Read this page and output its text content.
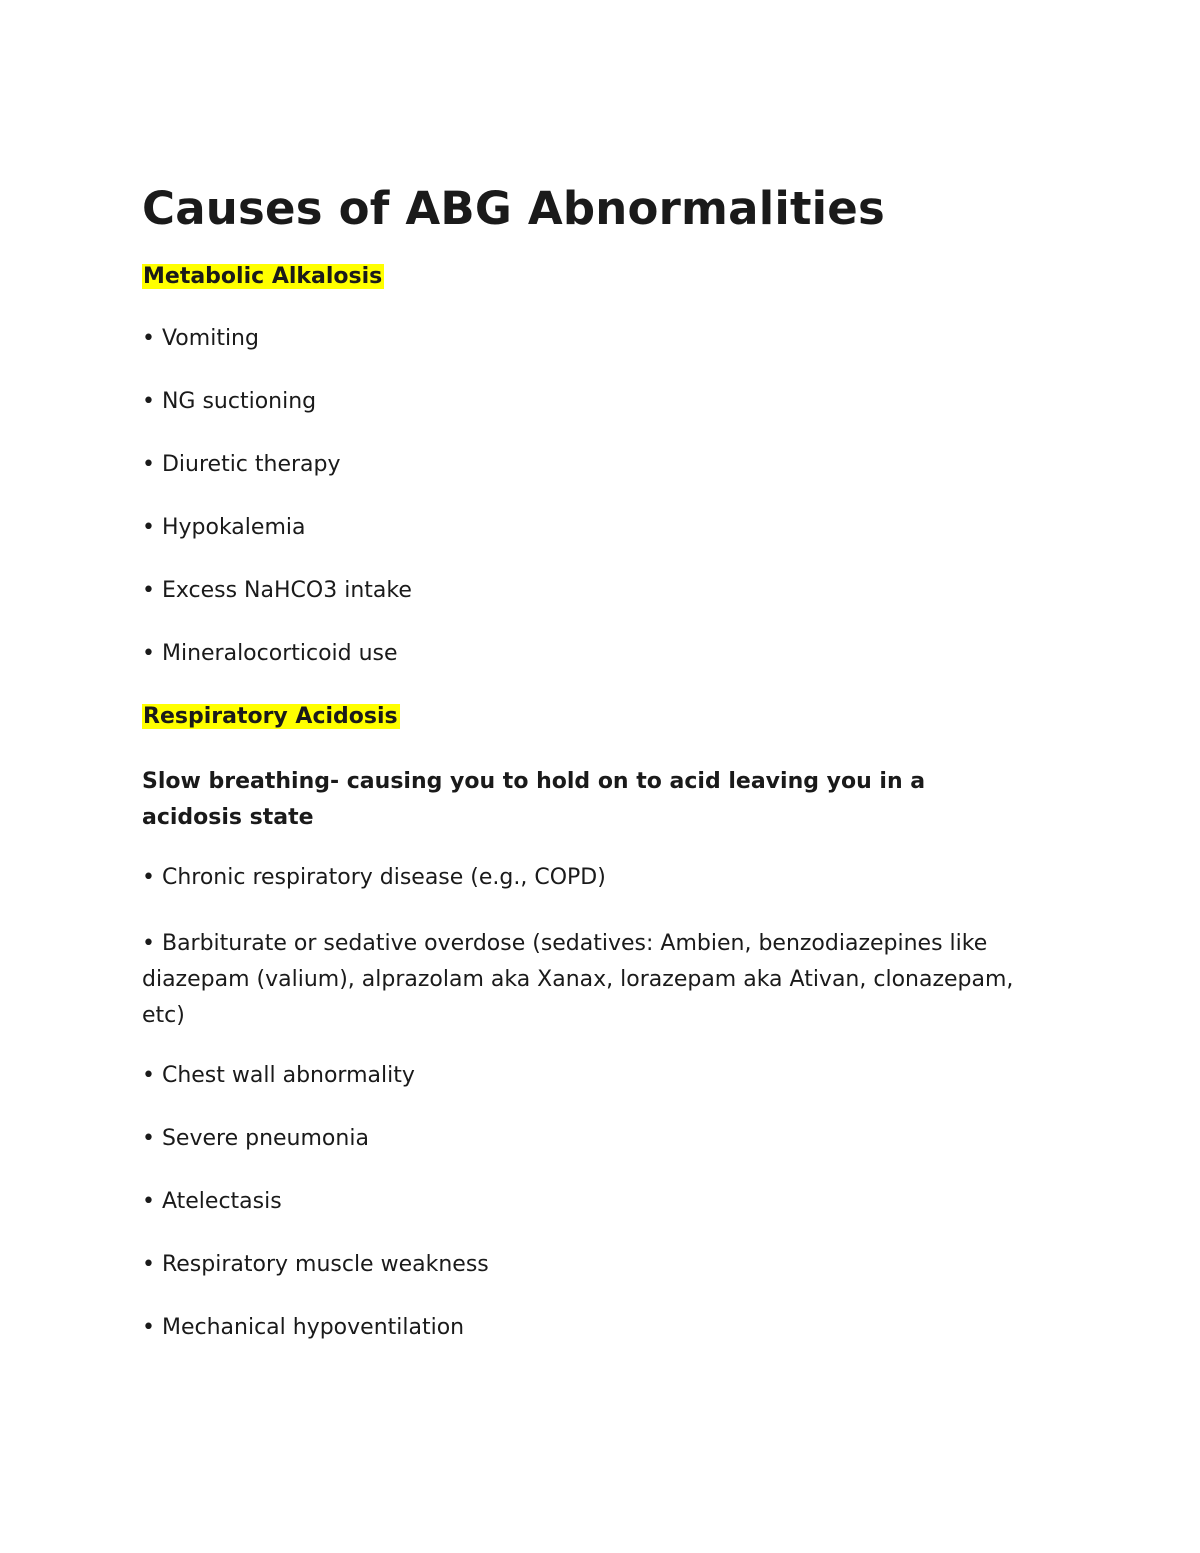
Causes of ABG Abnormalities
Metabolic Alkalosis
• Vomiting
• NG suctioning
• Diuretic therapy
• Hypokalemia
• Excess NaHCO3 intake
• Mineralocorticoid use
Respiratory Acidosis
Slow breathing- causing you to hold on to acid leaving you in a acidosis state
• Chronic respiratory disease (e.g., COPD)
• Barbiturate or sedative overdose (sedatives: Ambien, benzodiazepines like diazepam (valium), alprazolam aka Xanax, lorazepam aka Ativan, clonazepam, etc)
• Chest wall abnormality
• Severe pneumonia
• Atelectasis
• Respiratory muscle weakness
• Mechanical hypoventilation
